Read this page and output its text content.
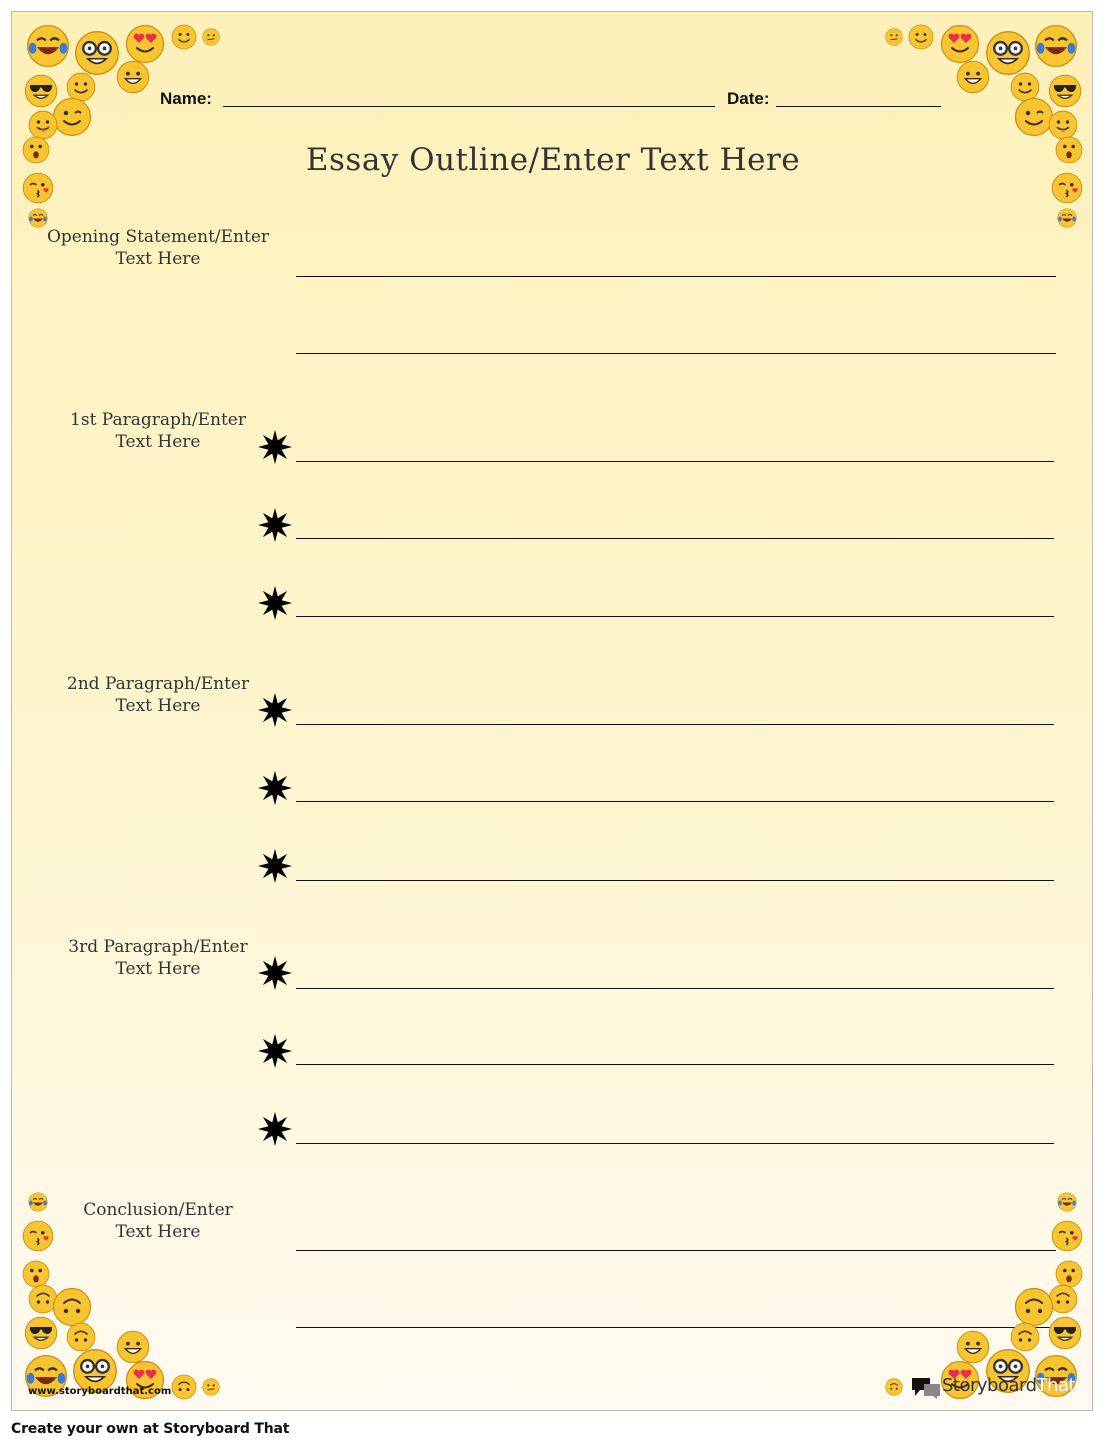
Name:	Date:
Essay Outline/Enter Text Here
Opening Statement/Enter
Text Here
1st Paragraph/Enter
Text Here
2nd Paragraph/Enter
Text Here
3rd Paragraph/Enter
Text Here
Conclusion/Enter
Text Here
www.storyboardthat.com	StoryboardThat
Create your own at Storyboard That
